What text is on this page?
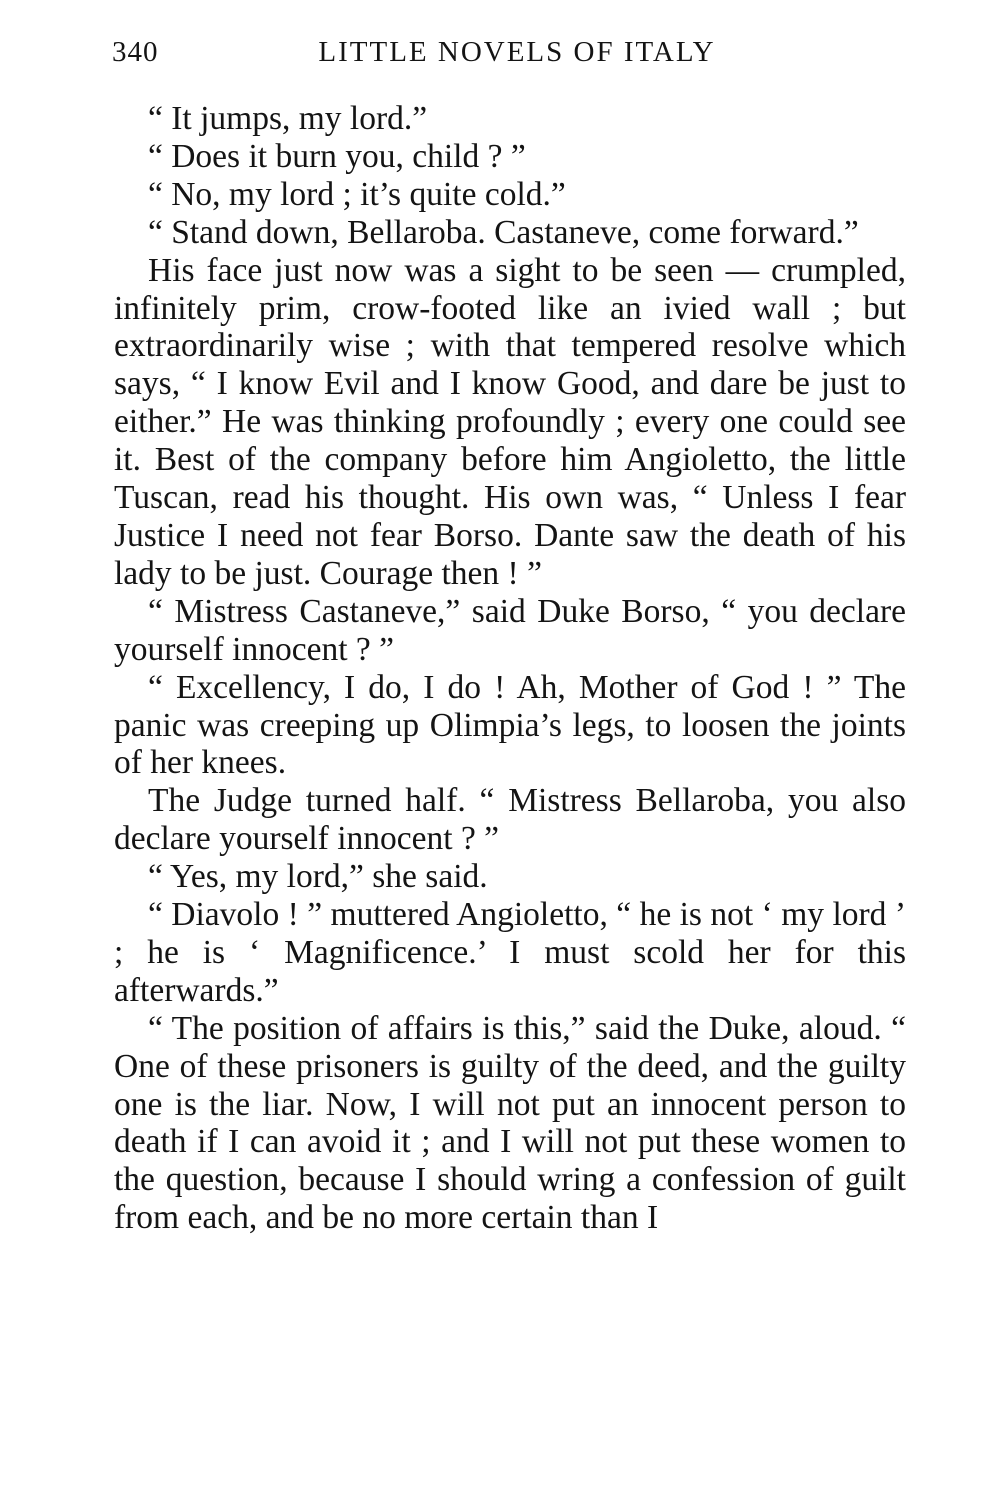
340	LITTLE NOVELS OF ITALY

“ It jumps, my lord.”

“ Does it burn you, child ? ”

“ No, my lord ; it’s quite cold.”

“ Stand down, Bellaroba. Castaneve, come forward.”

His face just now was a sight to be seen — crumpled, infinitely prim, crow-footed like an ivied wall ; but extraordinarily wise ; with that tempered resolve which says, “ I know Evil and I know Good, and dare be just to either.” He was thinking profoundly ; every one could see it. Best of the company before him Angioletto, the little Tuscan, read his thought. His own was, “ Unless I fear Justice I need not fear Borso. Dante saw the death of his lady to be just. Courage then ! ”

“ Mistress Castaneve,” said Duke Borso, “ you declare yourself innocent ? ”

“ Excellency, I do, I do ! Ah, Mother of God ! ” The panic was creeping up Olimpia’s legs, to loosen the joints of her knees.

The Judge turned half. “ Mistress Bellaroba, you also declare yourself innocent ? ”

“ Yes, my lord,” she said.

“ Diavolo ! ” muttered Angioletto, “ he is not ‘ my lord ’ ; he is ‘ Magnificence.’ I must scold her for this afterwards.”

“ The position of affairs is this,” said the Duke, aloud. “ One of these prisoners is guilty of the deed, and the guilty one is the liar. Now, I will not put an innocent person to death if I can avoid it ; and I will not put these women to the question, because I should wring a confession of guilt from each, and be no more certain than I
